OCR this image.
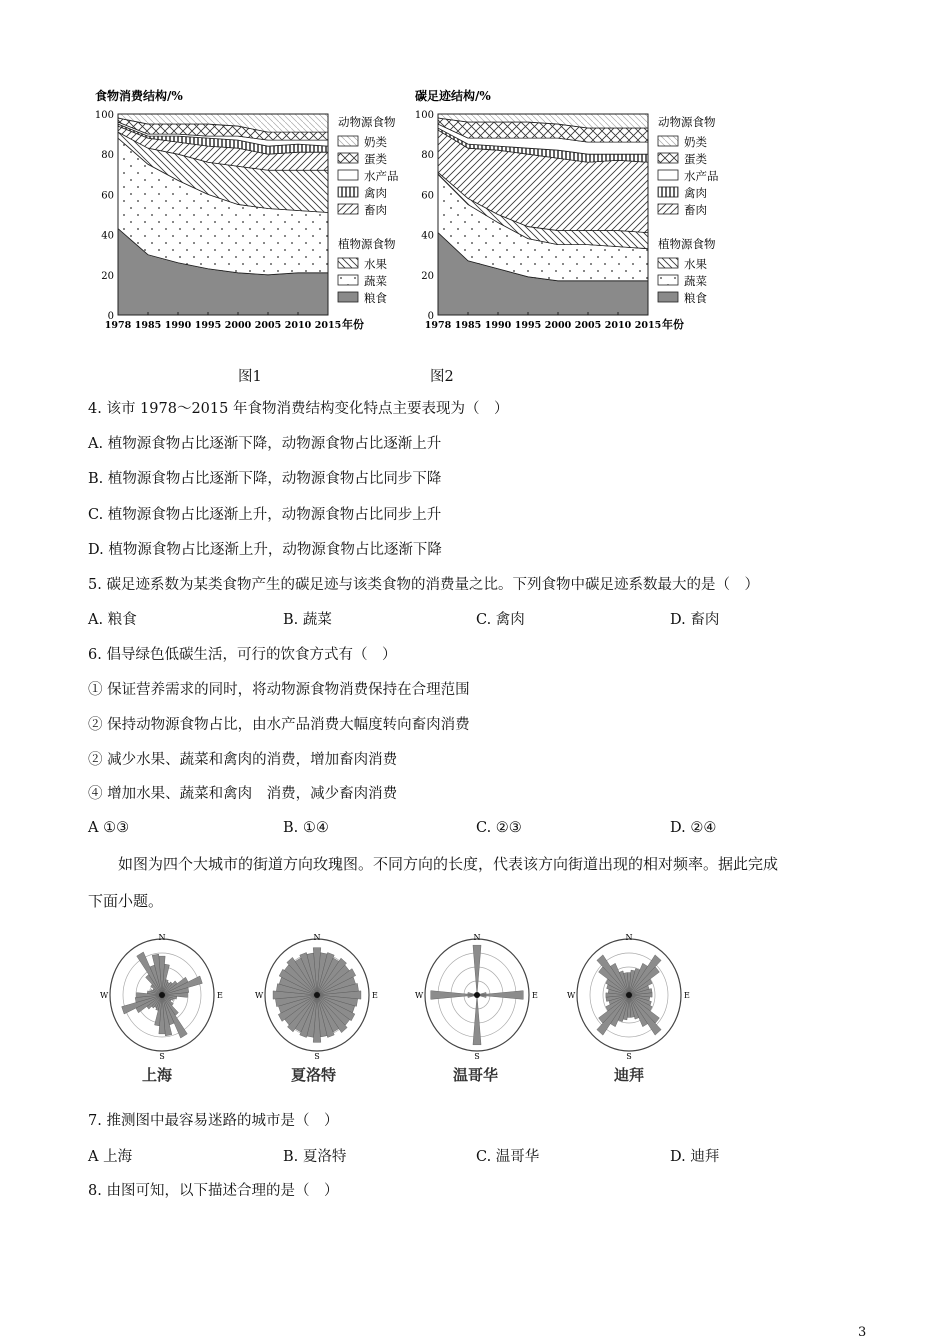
食物消费结构/%
0
20
40
60
80
100
1978 1985 1990 1995 2000 2005 2010 2015 年份
动物源食物
奶类
蛋类
水产品
禽肉
畜肉
植物源食物
水果
蔬菜
粮食
碳足迹结构/%
0
20
40
60
80
100
1978 1985 1990 1995 2000 2005 2010 2015 年份
动物源食物
奶类
蛋类
水产品
禽肉
畜肉
植物源食物
水果
蔬菜
粮食
图1	图2
4. 该市 1978～2015 年食物消费结构变化特点主要表现为（　）
A. 植物源食物占比逐渐下降，动物源食物占比逐渐上升
B. 植物源食物占比逐渐下降，动物源食物占比同步下降
C. 植物源食物占比逐渐上升，动物源食物占比同步上升
D. 植物源食物占比逐渐上升，动物源食物占比逐渐下降
5. 碳足迹系数为某类食物产生的碳足迹与该类食物的消费量之比。下列食物中碳足迹系数最大的是（　）
A. 粮食	B. 蔬菜	C. 禽肉	D. 畜肉
6. 倡导绿色低碳生活，可行的饮食方式有（　）
① 保证营养需求的同时，将动物源食物消费保持在合理范围
② 保持动物源食物占比，由水产品消费大幅度转向畜肉消费
② 减少水果、蔬菜和禽肉的消费，增加畜肉消费
④ 增加水果、蔬菜和禽肉　消费，减少畜肉消费
A ①③	B. ①④	C. ②③	D. ②④
如图为四个大城市的街道方向玫瑰图。不同方向的长度，代表该方向街道出现的相对频率。据此完成
下面小题。
N
S
E
W
N
S
E
W
N
S
E
W
N
S
E
W
上海	夏洛特	温哥华	迪拜
7. 推测图中最容易迷路的城市是（　）
A 上海	B. 夏洛特	C. 温哥华	D. 迪拜
8. 由图可知，以下描述合理的是（　）
3
